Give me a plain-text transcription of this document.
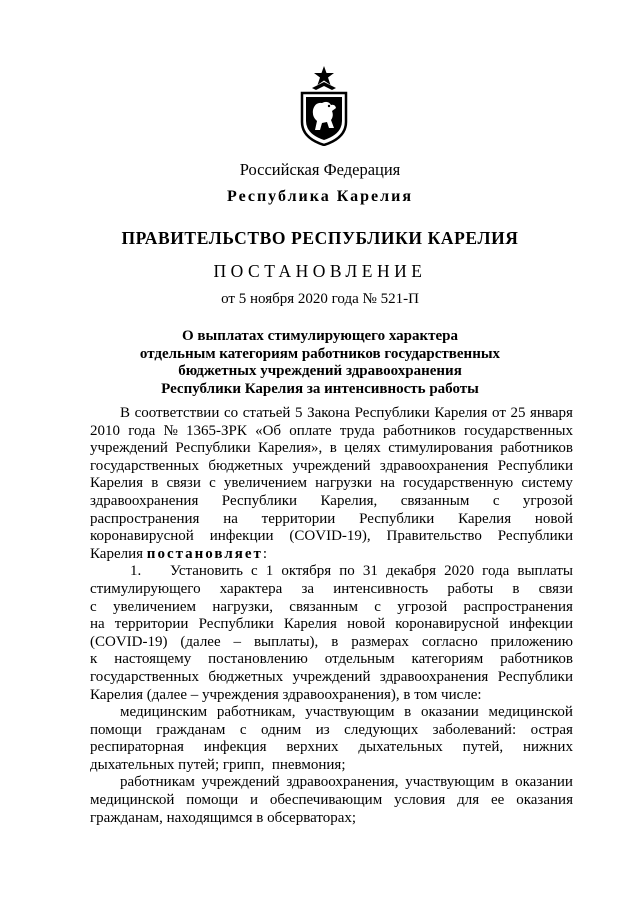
Российская Федерация
Республика Карелия
ПРАВИТЕЛЬСТВО РЕСПУБЛИКИ КАРЕЛИЯ
ПОСТАНОВЛЕНИЕ
от 5 ноября 2020 года № 521-П
О выплатах стимулирующего характера
отдельным категориям работников государственных
бюджетных учреждений здравоохранения
Республики Карелия за интенсивность работы
В соответствии со статьей 5 Закона Республики Карелия от 25 января
2010 года № 1365-ЗРК «Об оплате труда работников государственных
учреждений Республики Карелия», в целях стимулирования работников
государственных бюджетных учреждений здравоохранения Республики
Карелия в связи с увеличением нагрузки на государственную систему
здравоохранения Республики Карелия, связанным с угрозой
распространения на территории Республики Карелия новой
коронавирусной инфекции (COVID-19), Правительство Республики
Карелия постановляет :
1.	Установить с 1 октября по 31 декабря 2020 года выплаты
стимулирующего характера за интенсивность работы в связи
с увеличением нагрузки, связанным с угрозой распространения
на территории Республики Карелия новой коронавирусной инфекции
(COVID-19) (далее – выплаты), в размерах согласно приложению
к настоящему постановлению отдельным категориям работников
государственных бюджетных учреждений здравоохранения Республики
Карелия (далее – учреждения здравоохранения), в том числе:
медицинским работникам, участвующим в оказании медицинской
помощи гражданам с одним из следующих заболеваний: острая
респираторная инфекция верхних дыхательных путей, нижних
дыхательных путей; грипп,  пневмония;
работникам учреждений здравоохранения, участвующим в оказании
медицинской помощи и обеспечивающим условия для ее оказания
гражданам, находящимся в обсерваторах;
